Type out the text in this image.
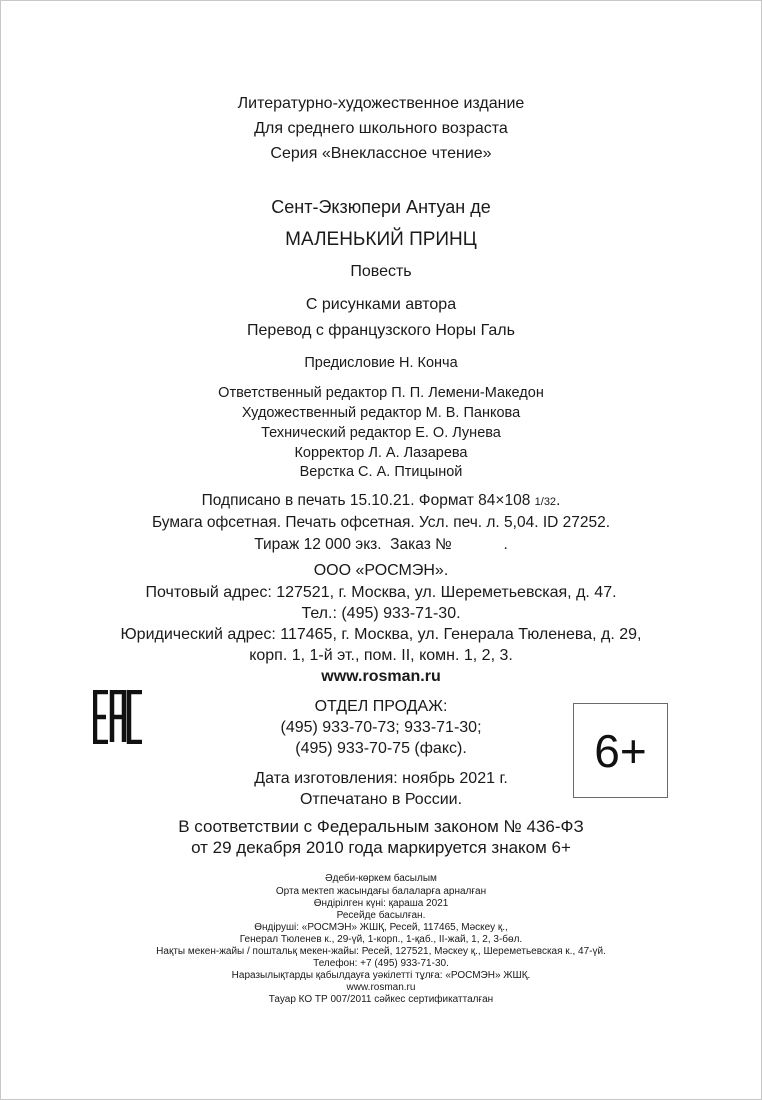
Литературно-художественное издание
Для среднего школьного возраста
Серия «Внеклассное чтение»
Сент-Экзюпери Антуан де
МАЛЕНЬКИЙ ПРИНЦ
Повесть
С рисунками автора
Перевод с французского Норы Галь
Предисловие Н. Конча
Ответственный редактор П. П. Лемени-Македон
Художественный редактор М. В. Панкова
Технический редактор Е. О. Лунева
Корректор Л. А. Лазарева
Верстка С. А. Птицыной
Подписано в печать 15.10.21. Формат 84×108 1/32.
Бумага офсетная. Печать офсетная. Усл. печ. л. 5,04. ID 27252.
Тираж 12 000 экз.  Заказ №            .
ООО «РОСМЭН».
Почтовый адрес: 127521, г. Москва, ул. Шереметьевская, д. 47.
Тел.: (495) 933-71-30.
Юридический адрес: 117465, г. Москва, ул. Генерала Тюленева, д. 29,
корп. 1, 1-й эт., пом. II, комн. 1, 2, 3.
www.rosman.ru
ОТДЕЛ ПРОДАЖ:
(495) 933-70-73; 933-71-30;
(495) 933-70-75 (факс).
Дата изготовления: ноябрь 2021 г.
Отпечатано в России.
В соответствии с Федеральным законом № 436-ФЗ
от 29 декабря 2010 года маркируется знаком 6+
6+
Әдеби-көркем басылым
Орта мектеп жасындағы балаларға арналған
Өндірілген күні: қараша 2021
Ресейде басылған.
Өндіруші: «РОСМЭН» ЖШҚ, Ресей, 117465, Мәскеу қ.,
Генерал Тюленев к., 29-үй, 1-корп., 1-қаб., II-жай, 1, 2, 3-бөл.
Нақты мекен-жайы / поштальқ мекен-жайы: Ресей, 127521, Мәскеу қ., Шереметьевская к., 47-үй.
Телефон: +7 (495) 933-71-30.
Наразылықтарды қабылдауға уәкілетті тұлға: «РОСМЭН» ЖШҚ.
www.rosman.ru
Тауар КО ТР 007/2011 сәйкес сертификатталған
